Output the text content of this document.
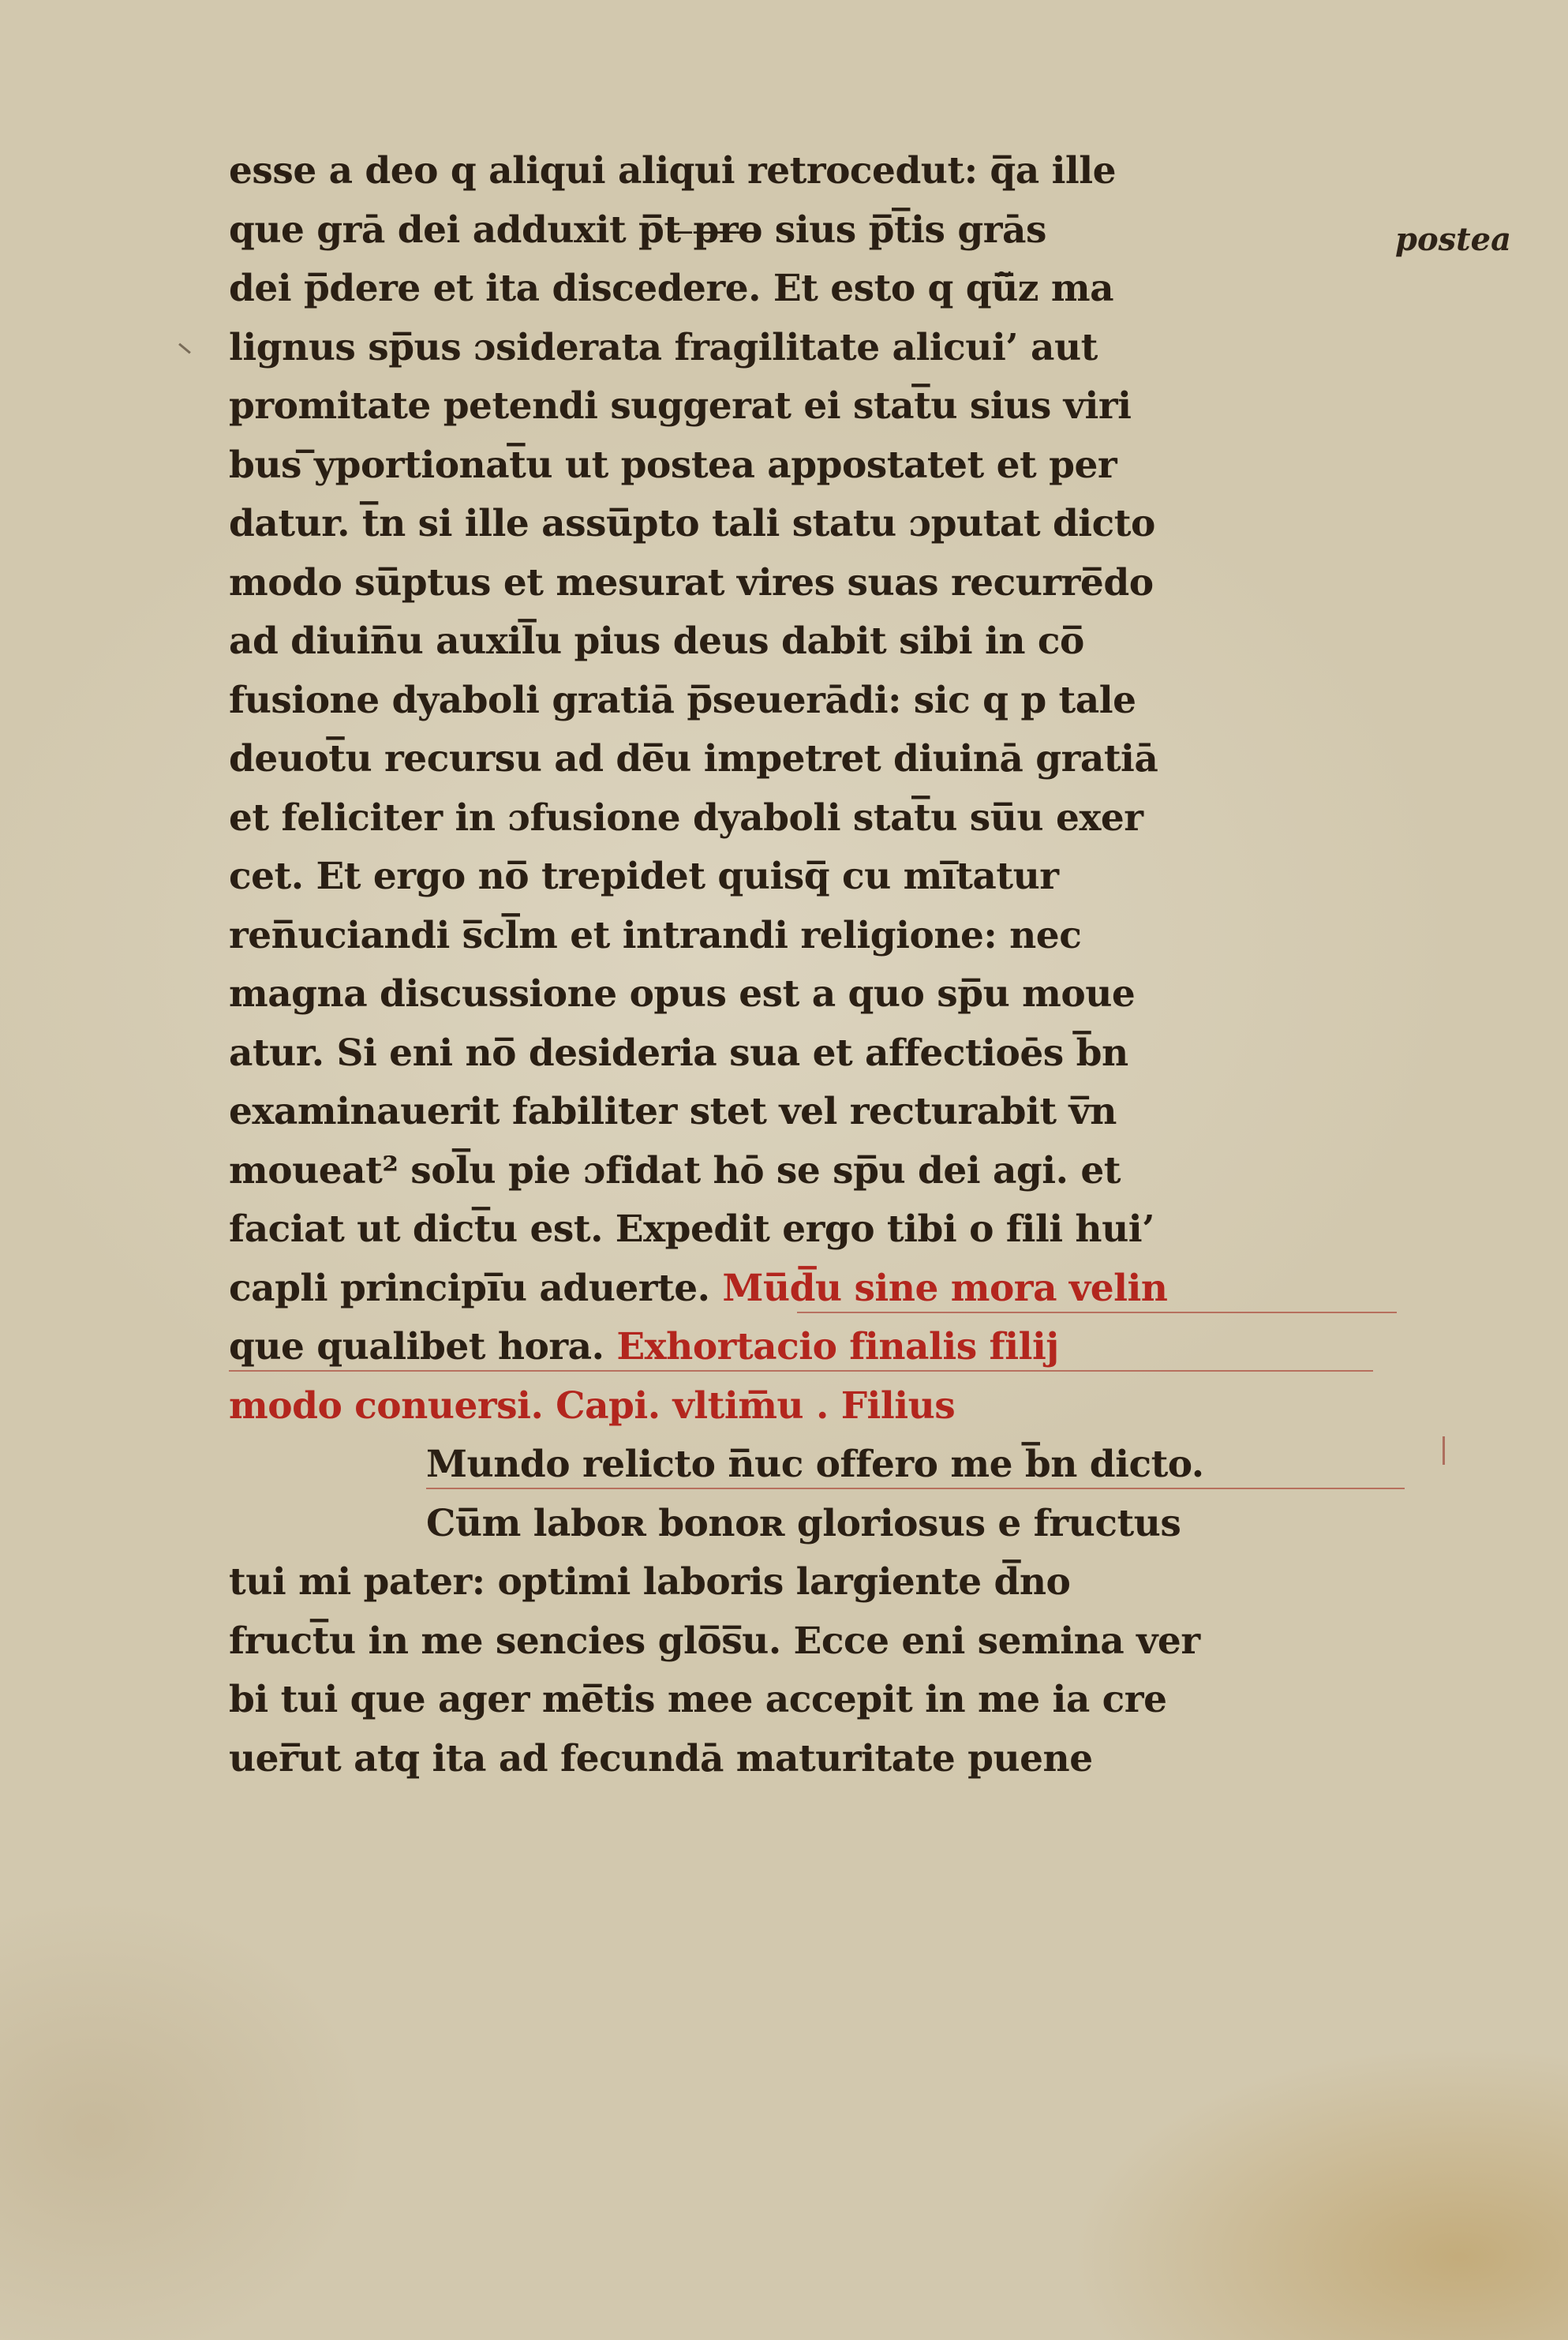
postea
esse a deo q aliqui aliqui retrocedut: q̅a ille
que grā dei adduxit p̅t ̶p̶r̶o̶ sius p̅t̅is grās
dei p̅dere et ita discedere. Et esto q qu̅̃z ma
lignus sp̅us ɔsiderata fragilitate alicui’ aut
promitate petendi suggerat ei stat̅u sius viri
bus ̅yportionat̅u ut postea appostatet et per
datur. t̅n si ille assu̅pto tali statu ɔputat dicto
modo su̅ptus et mesurat vires suas recurre̅do
ad diuin̅u auxil̅u pius deus dabit sibi in co̅
fusione dyaboli gratiā p̅seuerādi: sic q p tale
deuot̅u recursu ad de̅u impetret diuinā gratiā
et feliciter in ɔfusione dyaboli stat̅u su̅u exer
cet. Et ergo no̅ trepidet quisq̅ cu mi̅tatur
ren̅uciandi s̅cl̅m et intrandi religione: nec
magna discussione opus est a quo sp̅u moue
atur. Si eni no̅ desideria sua et affectioēs b̅n
examinauerit fabiliter stet vel recturabit v̅n
moueat² sol̅u pie ɔfidat hō se sp̅u dei agi. et
faciat ut dict̅u est. Expedit ergo tibi o fili hui’
capli principi̅u aduerte. Mu̅d̅u sine mora velin
que qualibet hora. Exhortacio finalis filij
modo conuersi. Capi. vltim̅u . Filius
Mundo relicto n̅uc offero me b̅n dicto.
Cu̅m laboʀ bonoʀ gloriosus e fructus
tui mi pater: optimi laboris largiente d̅no
fruct̅u in me sencies glo̅s̅u. Ecce eni semina ver
bi tui que ager me̅tis mee accepit in me ia cre
uer̅ut atq ita ad fecundā maturitate puene
